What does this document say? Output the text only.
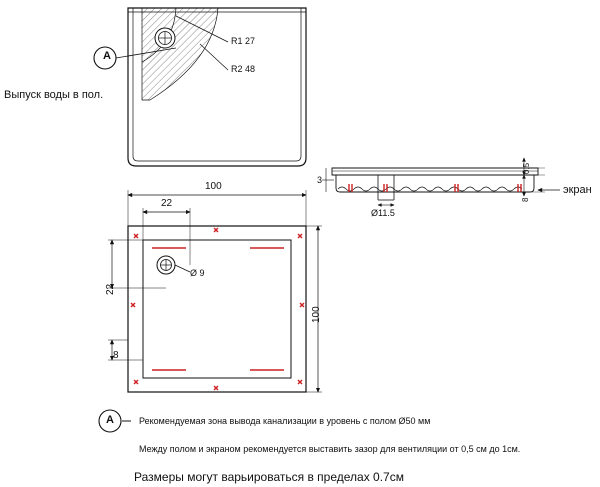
A
Выпуск воды в пол.
R1 27
R2 48
100
22
22
8
100
Ø 9
3
0,5
8
Ø11.5
экран
A	Рекомендуемая зона вывода канализации в уровень с полом Ø50 мм
Между полом и экраном рекомендуется выставить зазор для вентиляции от 0,5 см до 1см.
Размеры могут варьироваться в пределах 0.7см
